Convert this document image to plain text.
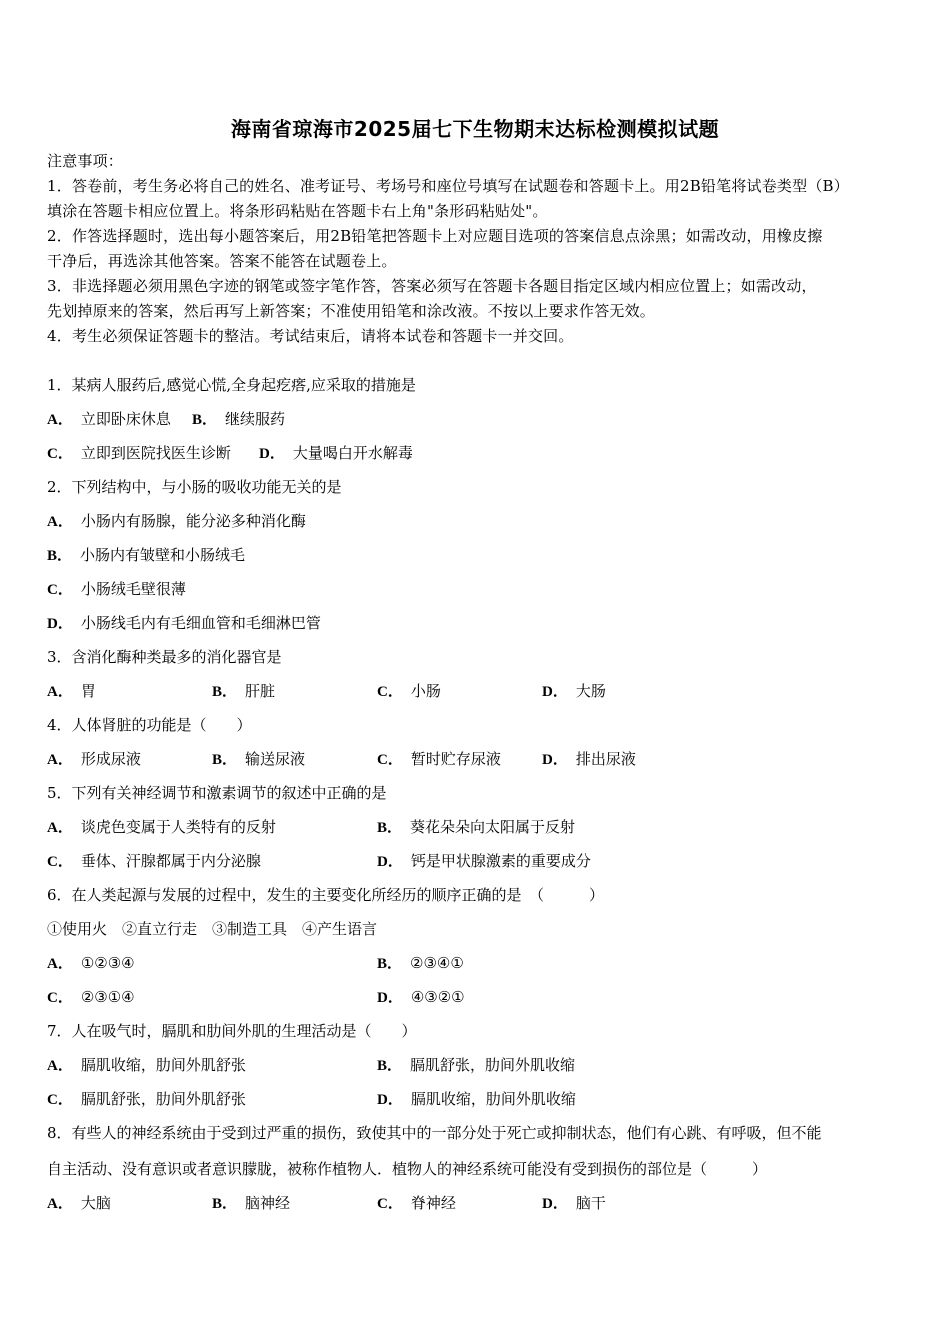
海南省琼海市2025届七下生物期末达标检测模拟试题
注意事项：
1．答卷前，考生务必将自己的姓名、准考证号、考场号和座位号填写在试题卷和答题卡上。用2B铅笔将试卷类型（B）
填涂在答题卡相应位置上。将条形码粘贴在答题卡右上角"条形码粘贴处"。
2．作答选择题时，选出每小题答案后，用2B铅笔把答题卡上对应题目选项的答案信息点涂黑；如需改动，用橡皮擦
干净后，再选涂其他答案。答案不能答在试题卷上。
3．非选择题必须用黑色字迹的钢笔或签字笔作答，答案必须写在答题卡各题目指定区域内相应位置上；如需改动，
先划掉原来的答案，然后再写上新答案；不准使用铅笔和涂改液。不按以上要求作答无效。
4．考生必须保证答题卡的整洁。考试结束后，请将本试卷和答题卡一并交回。
1．某病人服药后,感觉心慌,全身起疙瘩,应采取的措施是
A． 立即卧床休息 B． 继续服药
C． 立即到医院找医生诊断 D． 大量喝白开水解毒
2．下列结构中，与小肠的吸收功能无关的是
A． 小肠内有肠腺，能分泌多种消化酶
B． 小肠内有皱壁和小肠绒毛
C． 小肠绒毛壁很薄
D． 小肠线毛内有毛细血管和毛细淋巴管
3．含消化酶种类最多的消化器官是
A． 胃	B． 肝脏	C． 小肠	D． 大肠
4．人体肾脏的功能是（　　）
A． 形成尿液	B． 输送尿液	C． 暂时贮存尿液	D． 排出尿液
5．下列有关神经调节和激素调节的叙述中正确的是
A． 谈虎色变属于人类特有的反射	B． 葵花朵朵向太阳属于反射
C． 垂体、汗腺都属于内分泌腺	D． 钙是甲状腺激素的重要成分
6．在人类起源与发展的过程中，发生的主要变化所经历的顺序正确的是　（　　　）
①使用火　②直立行走　③制造工具　④产生语言
A． ①②③④	B． ②③④①
C． ②③①④	D． ④③②①
7．人在吸气时，膈肌和肋间外肌的生理活动是（　　）
A． 膈肌收缩，肋间外肌舒张	B． 膈肌舒张，肋间外肌收缩
C． 膈肌舒张，肋间外肌舒张	D． 膈肌收缩，肋间外肌收缩
8．有些人的神经系统由于受到过严重的损伤，致使其中的一部分处于死亡或抑制状态，他们有心跳、有呼吸，但不能
自主活动、没有意识或者意识朦胧，被称作植物人．植物人的神经系统可能没有受到损伤的部位是（　　　）
A． 大脑	B． 脑神经	C． 脊神经	D． 脑干
